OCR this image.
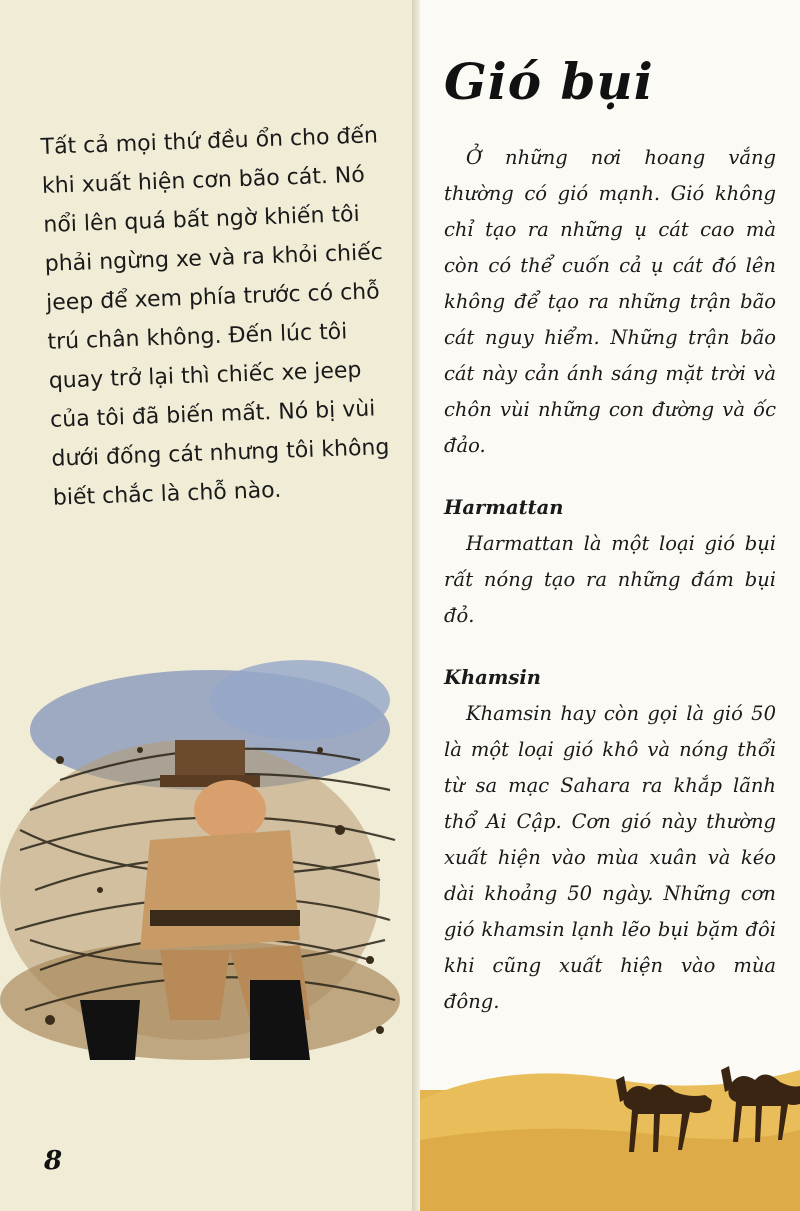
Tất cả mọi thứ đều ổn cho đến khi xuất hiện cơn bão cát. Nó nổi lên quá bất ngờ khiến tôi phải ngừng xe và ra khỏi chiếc jeep để xem phía trước có chỗ trú chân không. Đến lúc tôi quay trở lại thì chiếc xe jeep của tôi đã biến mất. Nó bị vùi dưới đống cát nhưng tôi không biết chắc là chỗ nào.

8
Gió bụi

Ở những nơi hoang vắng thường có gió mạnh. Gió không chỉ tạo ra những ụ cát cao mà còn có thể cuốn cả ụ cát đó lên không để tạo ra những trận bão cát nguy hiểm. Những trận bão cát này cản ánh sáng mặt trời và chôn vùi những con đường và ốc đảo.

Harmattan

Harmattan là một loại gió bụi rất nóng tạo ra những đám bụi đỏ.

Khamsin

Khamsin hay còn gọi là gió 50 là một loại gió khô và nóng thổi từ sa mạc Sahara ra khắp lãnh thổ Ai Cập. Cơn gió này thường xuất hiện vào mùa xuân và kéo dài khoảng 50 ngày. Những cơn gió khamsin lạnh lẽo bụi bặm đôi khi cũng xuất hiện vào mùa đông.
